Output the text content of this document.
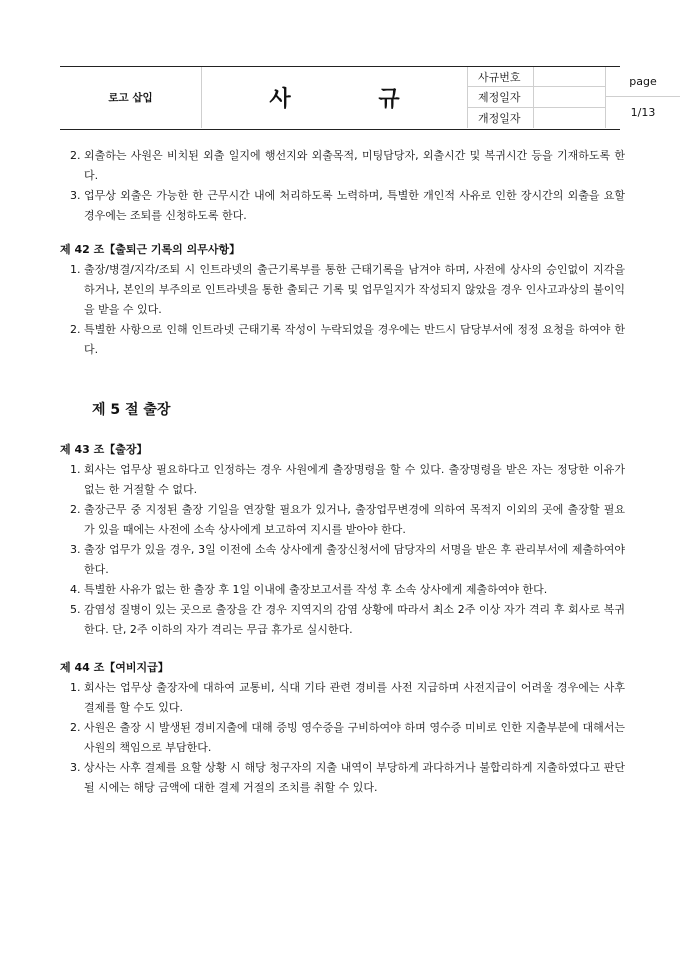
로고 삽입	사 규
사규번호
제정일자
개정일자
page
1/13
2. 외출하는 사원은 비치된 외출 일지에 행선지와 외출목적, 미팅담당자, 외출시간 및 복귀시간 등을 기재하도록 한다.
3. 업무상 외출은 가능한 한 근무시간 내에 처리하도록 노력하며, 특별한 개인적 사유로 인한 장시간의 외출을 요할 경우에는 조퇴를 신청하도록 한다.

제 42 조【출퇴근 기록의 의무사항】

1. 출장/병결/지각/조퇴 시 인트라넷의 출근기록부를 통한 근태기록을 남겨야 하며, 사전에 상사의 승인없이 지각을 하거나, 본인의 부주의로 인트라넷을 통한 출퇴근 기록 및 업무일지가 작성되지 않았을 경우 인사고과상의 불이익을 받을 수 있다.
2. 특별한 사항으로 인해 인트라넷 근태기록 작성이 누락되었을 경우에는 반드시 담당부서에 정정 요청을 하여야 한다.

제 5 절 출장

제 43 조【출장】

1. 회사는 업무상 필요하다고 인정하는 경우 사원에게 출장명령을 할 수 있다. 출장명령을 받은 자는 정당한 이유가 없는 한 거절할 수 없다.
2. 출장근무 중 지정된 출장 기일을 연장할 필요가 있거나, 출장업무변경에 의하여 목적지 이외의 곳에 출장할 필요가 있을 때에는 사전에 소속 상사에게 보고하여 지시를 받아야 한다.
3. 출장 업무가 있을 경우, 3일 이전에 소속 상사에게 출장신청서에 담당자의 서명을 받은 후 관리부서에 제출하여야 한다.
4. 특별한 사유가 없는 한 출장 후 1일 이내에 출장보고서를 작성 후 소속 상사에게 제출하여야 한다.
5. 감염성 질병이 있는 곳으로 출장을 간 경우 지역지의 감염 상황에 따라서 최소 2주 이상 자가 격리 후 회사로 복귀한다. 단, 2주 이하의 자가 격리는 무급 휴가로 실시한다.

제 44 조【여비지급】

1. 회사는 업무상 출장자에 대하여 교통비, 식대 기타 관련 경비를 사전 지급하며 사전지급이 어려울 경우에는 사후 결제를 할 수도 있다.
2. 사원은 출장 시 발생된 경비지출에 대해 증빙 영수증을 구비하여야 하며 영수증 미비로 인한 지출부분에 대해서는 사원의 책임으로 부담한다.
3. 상사는 사후 결제를 요할 상황 시 해당 청구자의 지출 내역이 부당하게 과다하거나 불합리하게 지출하였다고 판단 될 시에는 해당 금액에 대한 결제 거절의 조치를 취할 수 있다.
